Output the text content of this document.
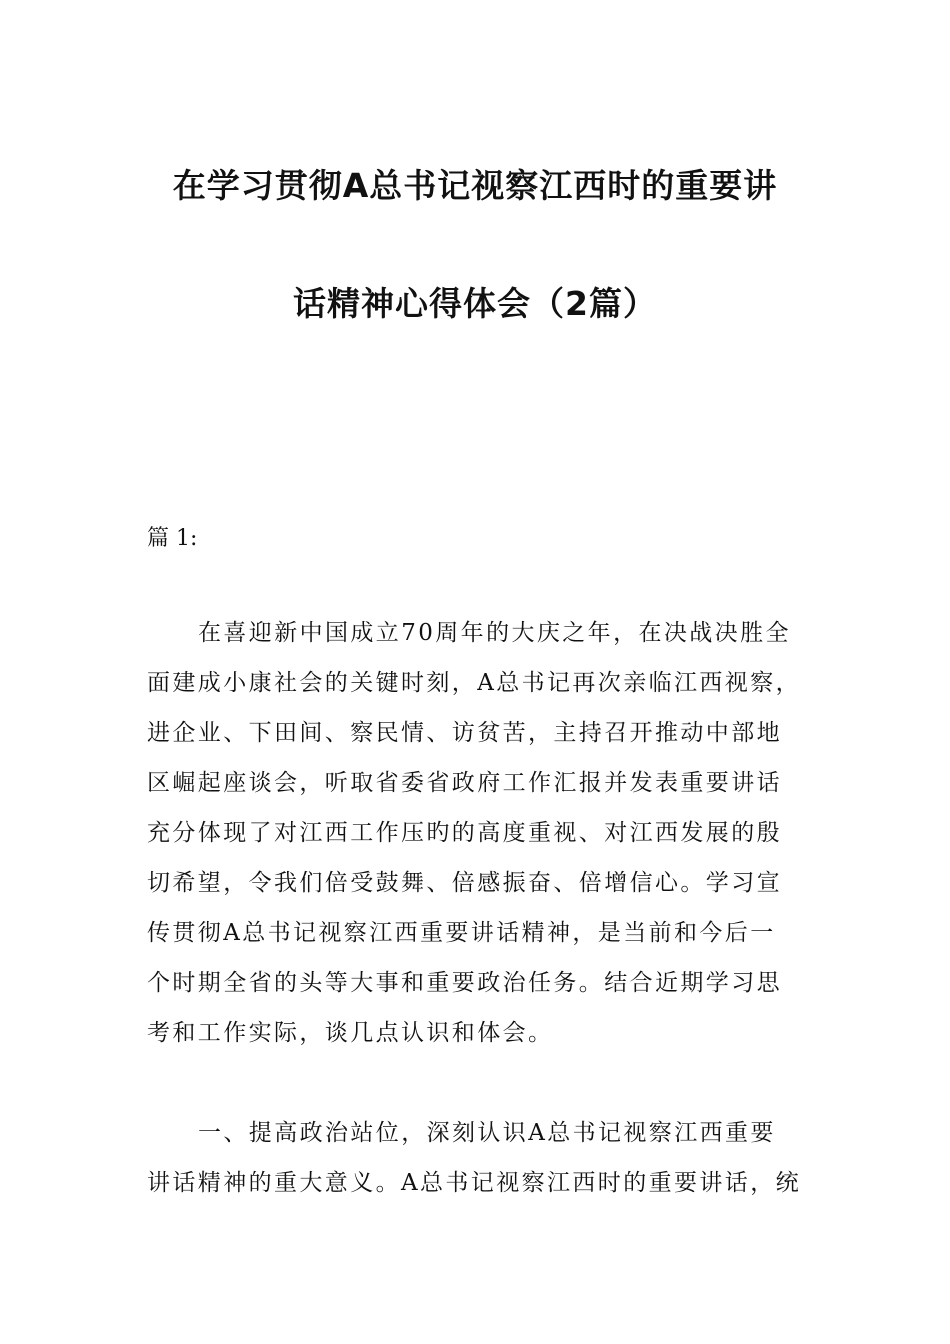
在学习贯彻A总书记视察江西时的重要讲
话精神心得体会（2篇）
篇 1:
在喜迎新中国成立70周年的大庆之年，在决战决胜全
面建成小康社会的关键时刻，A总书记再次亲临江西视察，
进企业、下田间、察民情、访贫苦，主持召开推动中部地
区崛起座谈会，听取省委省政府工作汇报并发表重要讲话
充分体现了对江西工作压旳的高度重视、对江西发展的殷
切希望，令我们倍受鼓舞、倍感振奋、倍增信心。学习宣
传贯彻A总书记视察江西重要讲话精神，是当前和今后一
个时期全省的头等大事和重要政治任务。结合近期学习思
考和工作实际，谈几点认识和体会。
一、提高政治站位，深刻认识A总书记视察江西重要
讲话精神的重大意义。A总书记视察江西时的重要讲话，统
